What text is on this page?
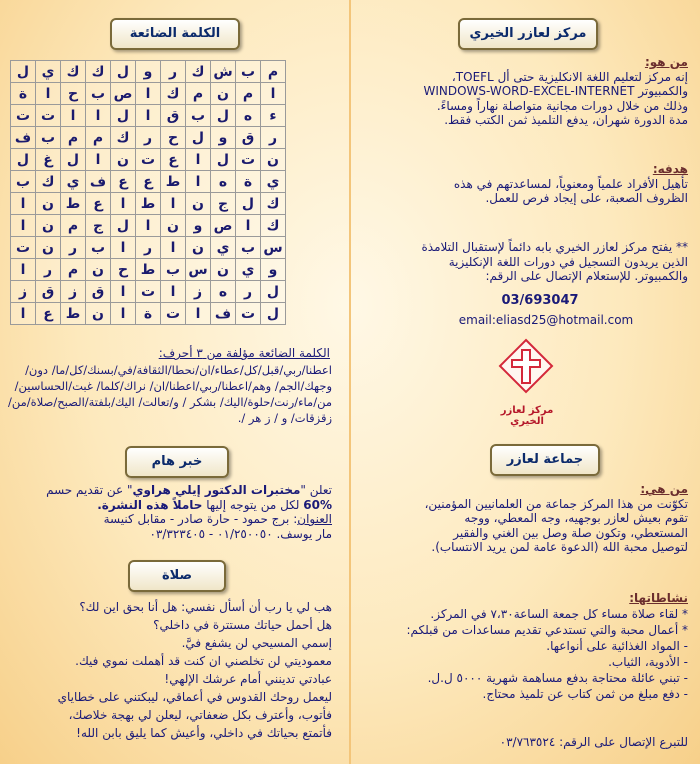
الكلمة الضائعة
ل	ي	ك	ك	ل	و	ر	ك	ش	ب	م
ة	ا	ح	ب	ص	ا	ك	م	ن	م	ا
ت	ت	ا	ا	ل	ا	ق	ب	ل	ه	ء
ف	ب	م	م	ك	ر	ح	ل	و	ق	ر
ل	غ	ل	ا	ن	ت	ع	ا	ل	ت	ن
ب	ك	ي	ف	ع	ع	ط	ا	ه	ة	ي
ا	ن	ط	ع	ا	ط	ا	ن	ج	ل	ك
ا	ن	م	ج	ل	ا	ن	و	ص	ا	ك
ت	ن	ر	ب	ا	ر	ا	ن	ي	ب	س
ا	ر	م	ن	ح	ط	ب	س	ن	ي	و
ز	ق	ز	ق	ا	ت	ا	ز	ه	ر	ل
ا	ع	ط	ن	ا	ة	ت	ا	ف	ت	ل
الكلمة الضائعة مؤلفة من ٣ أحرف:
اعطنا/ربي/قبل/كل/عطاء/ان/نحطا/الثقافة/في/بسنك/كل/ما/ دون/ وجهك/الجم/ وهم/اعطنا/ربي/اعطنا/ان/ نراك/كلما/ غبت/الحساسين/من/ماء/رنت/حلوة/اليك/ بشكر / و/تعالت/ اليك/بلفتة/الصبح/صلاة/من/ زقزقات/ و / ز هر /.
خبر هام
تعلن "مختبرات الدكتور إيلي هراوي" عن تقديم حسم
60% لكل من يتوجه إليها حاملاً هذه النشرة.
العنوان: برج حمود - حارة صادر - مقابل كنيسة
مار يوسف. ٠١/٢٥٠٠٥٠ - ٠٣/٣٢٣٤٠٥
صلاة
هب لي يا رب أن أسأل نفسي: هل أنا بحق اين لك؟
هل أحمل حياتك مستترة في داخلي؟
إسمي المسيحي لن يشفع فيَّ.
معموديتي لن تخلصني ان كنت قد أهملت نموي فيك.
عبادتي تدينني أمام عرشك الإلهي!
ليعمل روحك القدوس في أعماقي، ليبكتني على خطاياي
فأتوب، وأعترف بكل ضعفاتي، ليعلن لي بهجة خلاصك،
فأتمتع بحياتك في داخلي، وأعيش كما يليق بابن الله!
مركز لعازر الخيري
من هو:
إنه مركز لتعليم اللغة الانكليزية حتى أل TOEFL،
والكمبيوتر WINDOWS-WORD-EXCEL-INTERNET
وذلك من خلال دورات مجانية متواصلة نهاراً ومساءً.
مدة الدورة شهران، يدفع التلميذ ثمن الكتب فقط.
هدفه:
تأهيل الأفراد علمياً ومعنوياً، لمساعدتهم في هذه
الظروف الصعبة، على إيجاد فرص للعمل.
** يفتح مركز لعازر الخيري بابه دائماً لإستقبال التلامذة
الذين يريدون التسجيل في دورات اللغة الإنكليزية
والكمبيوتر. للإستعلام الإتصال على الرقم:
03/693047
email:eliasd25@hotmail.com
مركز لعازر الخيري
جماعة لعازر
من هي:
تكوّنت من هذا المركز جماعة من العلمانيين المؤمنين،
تقوم بعيش لعازر بوجهيه، وجه المعطي، ووجه
المستعطي، وتكون صلة وصل بين الغني والفقير
لتوصيل محبة الله (الدعوة عامة لمن يريد الانتساب).
نشاطاتها:
* لقاء صلاة مساء كل جمعة الساعة٧،٣٠ في المركز.
* أعمال محبة والتي تستدعي تقديم مساعدات من قبلكم:
- المواد الغذائية على أنواعها.
- الأدوية، الثياب.
- تبني عائلة محتاجة بدفع مساهمة شهرية ٥٠٠٠ ل.ل.
- دفع مبلغ من ثمن كتاب عن تلميذ محتاج.
للتبرع الإتصال على الرقم: ٠٣/٧٦٣٥٢٤
